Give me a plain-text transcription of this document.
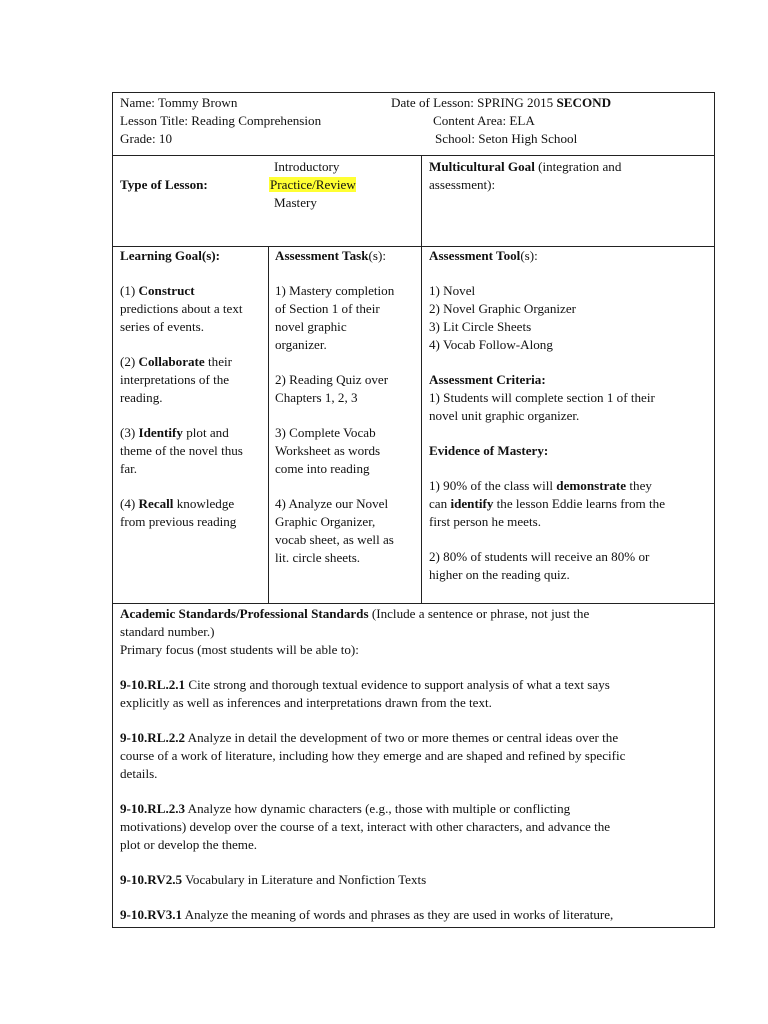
Name: Tommy Brown	Date of Lesson: SPRING 2015 SECOND
Lesson Title: Reading Comprehension	Content Area: ELA
Grade: 10	School: Seton High School
Type of Lesson:
Introductory
Practice/Review
Mastery
Multicultural Goal (integration and
assessment):
Learning Goal(s):
(1) Construct
predictions about a text
series of events.
(2) Collaborate their
interpretations of the
reading.
(3) Identify plot and
theme of the novel thus
far.
(4) Recall knowledge
from previous reading
Assessment Task(s):
1) Mastery completion
of Section 1 of their
novel graphic
organizer.
2) Reading Quiz over
Chapters 1, 2, 3
3) Complete Vocab
Worksheet as words
come into reading
4) Analyze our Novel
Graphic Organizer,
vocab sheet, as well as
lit. circle sheets.
Assessment Tool(s):
1) Novel
2) Novel Graphic Organizer
3) Lit Circle Sheets
4) Vocab Follow-Along
Assessment Criteria:
1) Students will complete section 1 of their
novel unit graphic organizer.
Evidence of Mastery:
1) 90% of the class will demonstrate they
can identify the lesson Eddie learns from the
first person he meets.
2) 80% of students will receive an 80% or
higher on the reading quiz.
Academic Standards/Professional Standards (Include a sentence or phrase, not just the
standard number.)
Primary focus (most students will be able to):
9-10.RL.2.1 Cite strong and thorough textual evidence to support analysis of what a text says
explicitly as well as inferences and interpretations drawn from the text.
9-10.RL.2.2 Analyze in detail the development of two or more themes or central ideas over the
course of a work of literature, including how they emerge and are shaped and refined by specific
details.
9-10.RL.2.3 Analyze how dynamic characters (e.g., those with multiple or conflicting
motivations) develop over the course of a text, interact with other characters, and advance the
plot or develop the theme.
9-10.RV2.5 Vocabulary in Literature and Nonfiction Texts
9-10.RV3.1 Analyze the meaning of words and phrases as they are used in works of literature,
